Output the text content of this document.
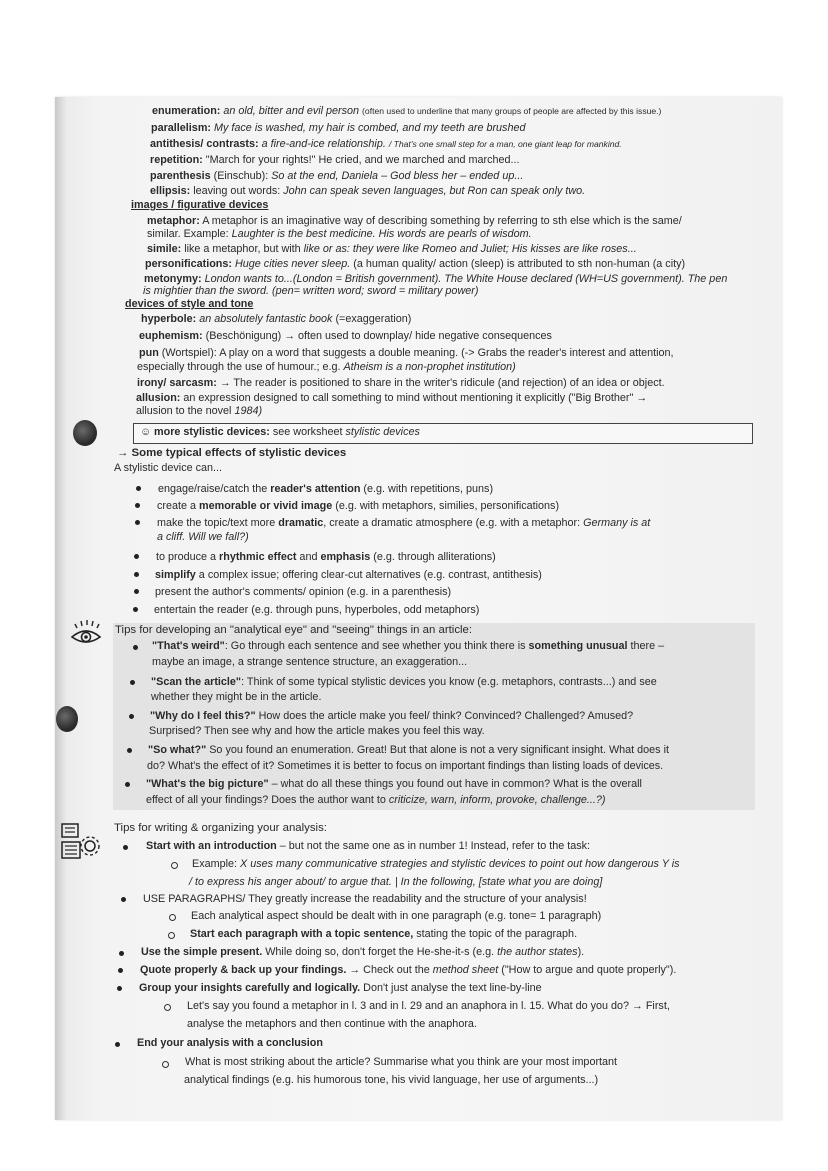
enumeration: an old, bitter and evil person (often used to underline that many groups of people are affected by this issue.)
parallelism: My face is washed, my hair is combed, and my teeth are brushed
antithesis/ contrasts: a fire-and-ice relationship. / That's one small step for a man, one giant leap for mankind.
repetition: "March for your rights!" He cried, and we marched and marched...
parenthesis (Einschub): So at the end, Daniela – God bless her – ended up...
ellipsis: leaving out words: John can speak seven languages, but Ron can speak only two.
images / figurative devices
metaphor: A metaphor is an imaginative way of describing something by referring to sth else which is the same/
similar. Example: Laughter is the best medicine. His words are pearls of wisdom.
simile: like a metaphor, but with like or as: they were like Romeo and Juliet; His kisses are like roses...
personifications: Huge cities never sleep. (a human quality/ action (sleep) is attributed to sth non-human (a city)
metonymy: London wants to...(London = British government). The White House declared (WH=US government). The pen
is mightier than the sword. (pen= written word; sword = military power)
devices of style and tone
hyperbole: an absolutely fantastic book (=exaggeration)
euphemism: (Beschönigung) → often used to downplay/ hide negative consequences
pun (Wortspiel): A play on a word that suggests a double meaning. (-> Grabs the reader's interest and attention,
especially through the use of humour.; e.g. Atheism is a non-prophet institution)
irony/ sarcasm: → The reader is positioned to share in the writer's ridicule (and rejection) of an idea or object.
allusion: an expression designed to call something to mind without mentioning it explicitly ("Big Brother" →
allusion to the novel 1984)
☺ more stylistic devices: see worksheet stylistic devices
→ Some typical effects of stylistic devices
A stylistic device can...
engage/raise/catch the reader's attention (e.g. with repetitions, puns)
create a memorable or vivid image (e.g. with metaphors, similies, personifications)
make the topic/text more dramatic, create a dramatic atmosphere (e.g. with a metaphor: Germany is at
a cliff. Will we fall?)
to produce a rhythmic effect and emphasis (e.g. through alliterations)
simplify a complex issue; offering clear-cut alternatives (e.g. contrast, antithesis)
present the author's comments/ opinion (e.g. in a parenthesis)
entertain the reader (e.g. through puns, hyperboles, odd metaphors)
Tips for developing an "analytical eye" and "seeing" things in an article:
"That's weird": Go through each sentence and see whether you think there is something unusual there –
maybe an image, a strange sentence structure, an exaggeration...
"Scan the article": Think of some typical stylistic devices you know (e.g. metaphors, contrasts...) and see
whether they might be in the article.
"Why do I feel this?" How does the article make you feel/ think? Convinced? Challenged? Amused?
Surprised? Then see why and how the article makes you feel this way.
"So what?" So you found an enumeration. Great! But that alone is not a very significant insight. What does it
do? What's the effect of it? Sometimes it is better to focus on important findings than listing loads of devices.
"What's the big picture" – what do all these things you found out have in common? What is the overall
effect of all your findings? Does the author want to criticize, warn, inform, provoke, challenge...?)
Tips for writing & organizing your analysis:
Start with an introduction – but not the same one as in number 1! Instead, refer to the task:
Example: X uses many communicative strategies and stylistic devices to point out how dangerous Y is
/ to express his anger about/ to argue that. | In the following, [state what you are doing]
USE PARAGRAPHS/ They greatly increase the readability and the structure of your analysis!
Each analytical aspect should be dealt with in one paragraph (e.g. tone= 1 paragraph)
Start each paragraph with a topic sentence, stating the topic of the paragraph.
Use the simple present. While doing so, don't forget the He-she-it-s (e.g. the author states).
Quote properly & back up your findings. → Check out the method sheet ("How to argue and quote properly").
Group your insights carefully and logically. Don't just analyse the text line-by-line
Let's say you found a metaphor in l. 3 and in l. 29 and an anaphora in l. 15. What do you do? → First,
analyse the metaphors and then continue with the anaphora.
End your analysis with a conclusion
What is most striking about the article? Summarise what you think are your most important
analytical findings (e.g. his humorous tone, his vivid language, her use of arguments...)
